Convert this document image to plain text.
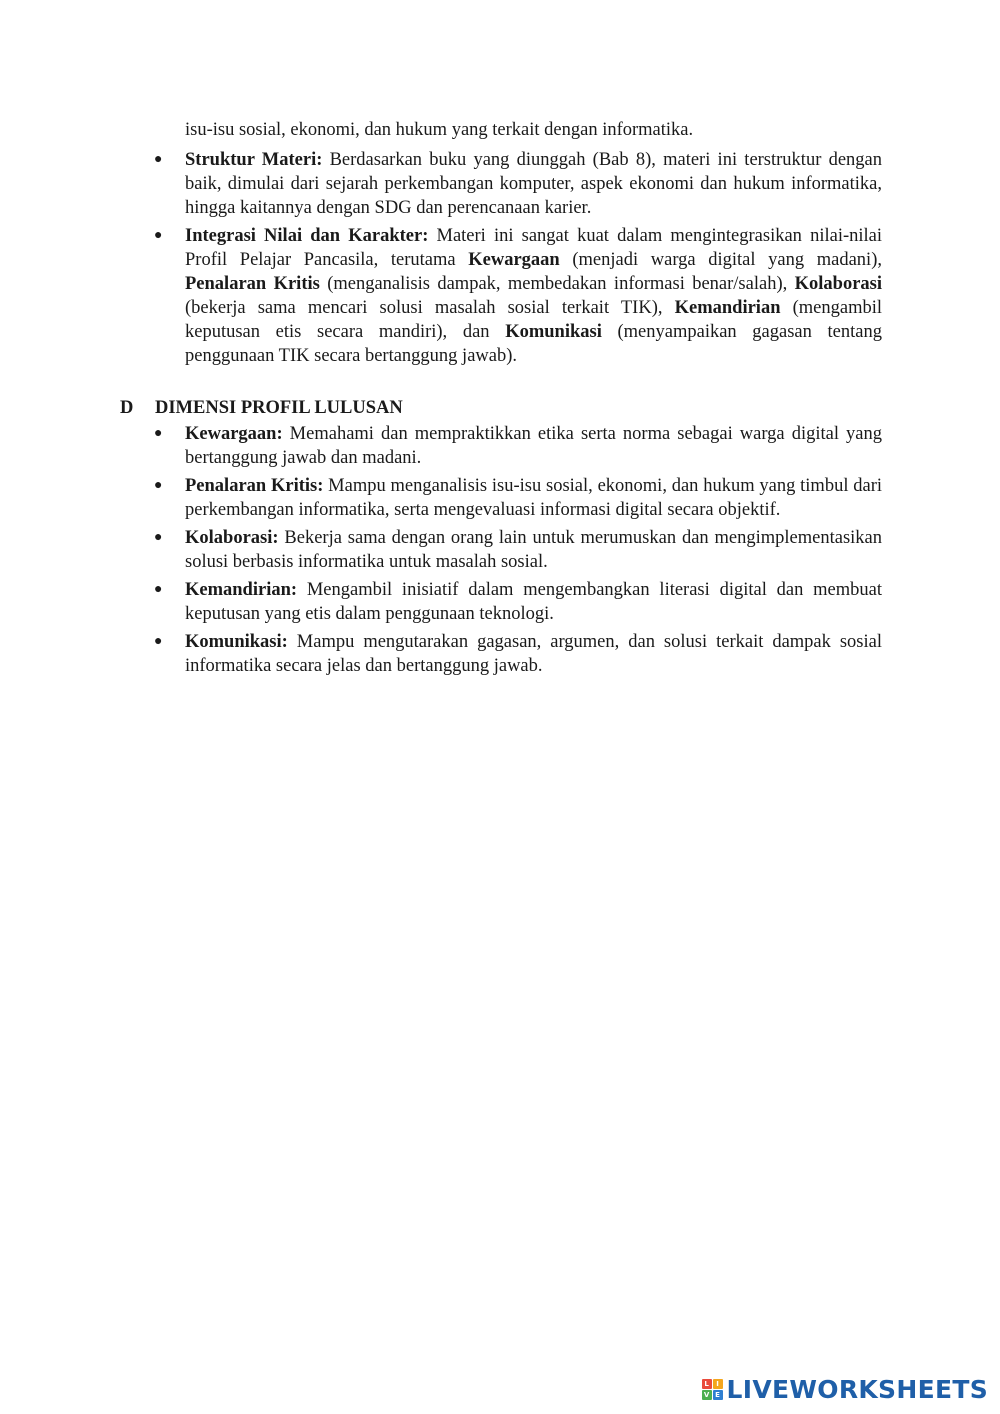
isu-isu sosial, ekonomi, dan hukum yang terkait dengan informatika.
● Struktur Materi: Berdasarkan buku yang diunggah (Bab 8), materi ini terstruktur dengan baik, dimulai dari sejarah perkembangan komputer, aspek ekonomi dan hukum informatika, hingga kaitannya dengan SDG dan perencanaan karier.
● Integrasi Nilai dan Karakter: Materi ini sangat kuat dalam mengintegrasikan nilai-nilai Profil Pelajar Pancasila, terutama Kewargaan (menjadi warga digital yang madani), Penalaran Kritis (menganalisis dampak, membedakan informasi benar/salah), Kolaborasi (bekerja sama mencari solusi masalah sosial terkait TIK), Kemandirian (mengambil keputusan etis secara mandiri), dan Komunikasi (menyampaikan gagasan tentang penggunaan TIK secara bertanggung jawab).
D	DIMENSI PROFIL LULUSAN
● Kewargaan: Memahami dan mempraktikkan etika serta norma sebagai warga digital yang bertanggung jawab dan madani.
● Penalaran Kritis: Mampu menganalisis isu-isu sosial, ekonomi, dan hukum yang timbul dari perkembangan informatika, serta mengevaluasi informasi digital secara objektif.
● Kolaborasi: Bekerja sama dengan orang lain untuk merumuskan dan mengimplementasikan solusi berbasis informatika untuk masalah sosial.
● Kemandirian: Mengambil inisiatif dalam mengembangkan literasi digital dan membuat keputusan yang etis dalam penggunaan teknologi.
● Komunikasi: Mampu mengutarakan gagasan, argumen, dan solusi terkait dampak sosial informatika secara jelas dan bertanggung jawab.
L	I
V E LIVEWORKSHEETS
